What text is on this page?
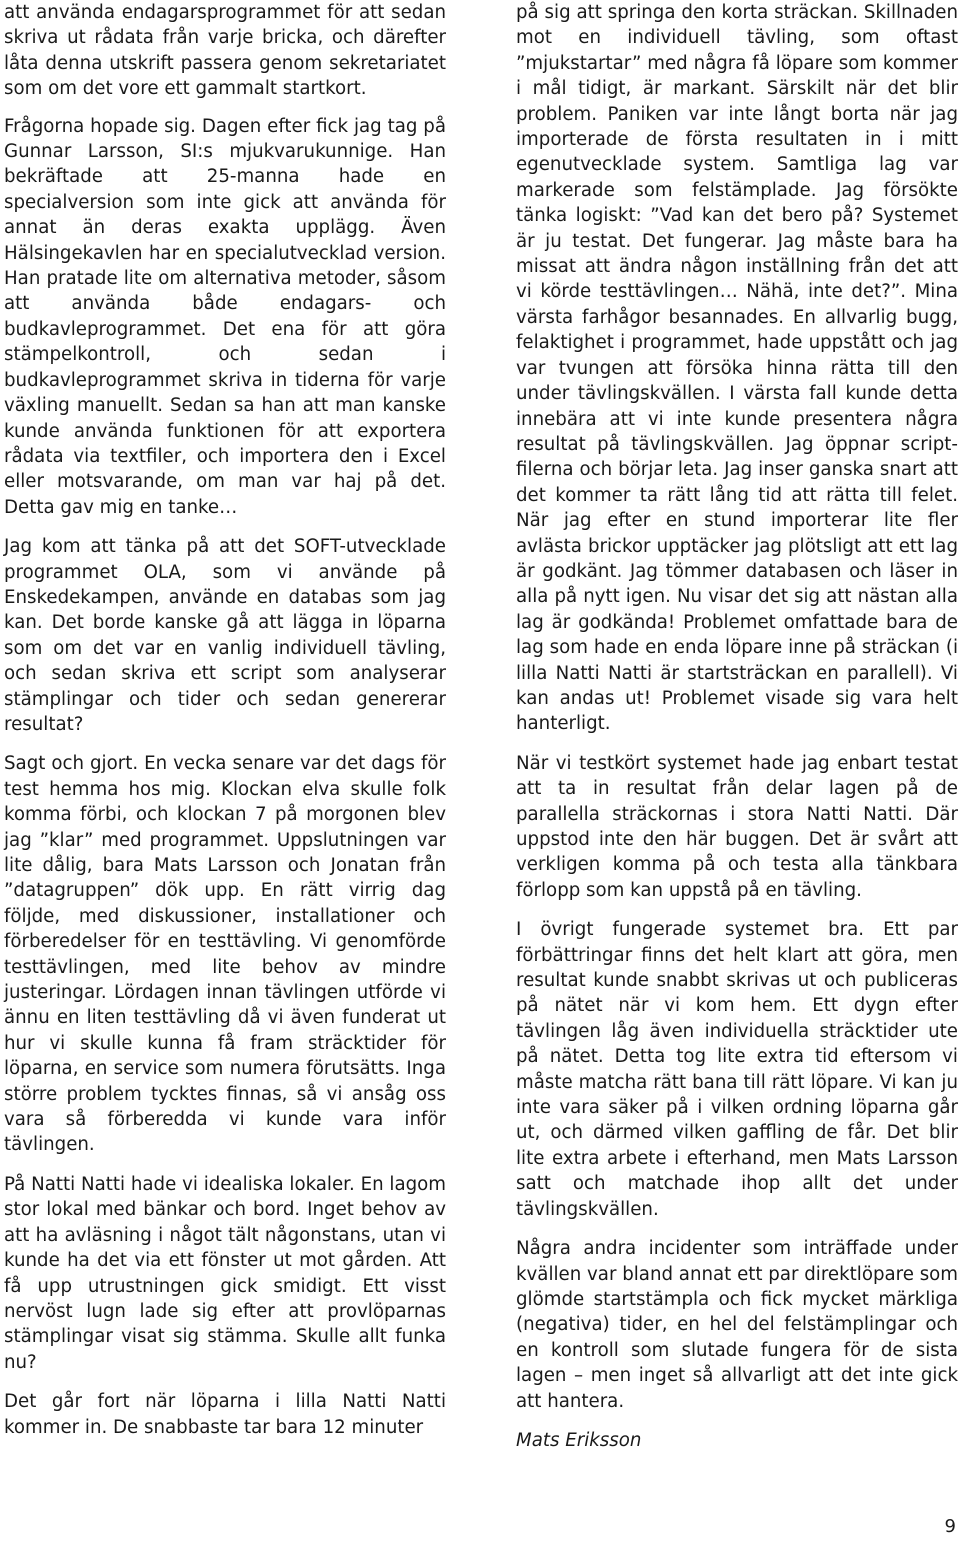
att använda endagarsprogrammet för att sedan skriva ut rådata från varje bricka, och därefter låta denna utskrift passera genom sekretariatet som om det vore ett gammalt startkort.

Frågorna hopade sig. Dagen efter fick jag tag på Gunnar Larsson, SI:s mjukvarukunnige. Han bekräftade att 25-manna hade en specialversion som inte gick att använda för annat än deras exakta upplägg. Även Hälsingekavlen har en specialutvecklad version. Han pratade lite om alternativa metoder, såsom att använda både endagars- och budkavleprogrammet. Det ena för att göra stämpelkontroll, och sedan i budkavleprogrammet skriva in tiderna för varje växling manuellt. Sedan sa han att man kanske kunde använda funktionen för att exportera rådata via textfiler, och importera den i Excel eller motsvarande, om man var haj på det. Detta gav mig en tanke…

Jag kom att tänka på att det SOFT-utvecklade programmet OLA, som vi använde på Enskedekampen, använde en databas som jag kan. Det borde kanske gå att lägga in löparna som om det var en vanlig individuell tävling, och sedan skriva ett script som analyserar stämplingar och tider och sedan genererar resultat?

Sagt och gjort. En vecka senare var det dags för test hemma hos mig. Klockan elva skulle folk komma förbi, och klockan 7 på morgonen blev jag ”klar” med programmet. Uppslutningen var lite dålig, bara Mats Larsson och Jonatan från ”datagruppen” dök upp. En rätt virrig dag följde, med diskussioner, installationer och förberedelser för en testtävling. Vi genomförde testtävlingen, med lite behov av mindre justeringar. Lördagen innan tävlingen utförde vi ännu en liten testtävling då vi även funderat ut hur vi skulle kunna få fram sträcktider för löparna, en service som numera förutsätts. Inga större problem tycktes finnas, så vi ansåg oss vara så förberedda vi kunde vara inför tävlingen.

På Natti Natti hade vi idealiska lokaler. En lagom stor lokal med bänkar och bord. Inget behov av att ha avläsning i något tält någonstans, utan vi kunde ha det via ett fönster ut mot gården. Att få upp utrustningen gick smidigt. Ett visst nervöst lugn lade sig efter att provlöparnas stämplingar visat sig stämma. Skulle allt funka nu?

Det går fort när löparna i lilla Natti Natti kommer in. De snabbaste tar bara 12 minuter

på sig att springa den korta sträckan. Skillnaden mot en individuell tävling, som oftast ”mjukstartar” med några få löpare som kommer i mål tidigt, är markant. Särskilt när det blir problem. Paniken var inte långt borta när jag importerade de första resultaten in i mitt egenutvecklade system. Samtliga lag var markerade som felstämplade. Jag försökte tänka logiskt: ”Vad kan det bero på? Systemet är ju testat. Det fungerar. Jag måste bara ha missat att ändra någon inställning från det att vi körde testtävlingen… Nähä, inte det?”. Mina värsta farhågor besannades. En allvarlig bugg, felaktighet i programmet, hade uppstått och jag var tvungen att försöka hinna rätta till den under tävlingskvällen. I värsta fall kunde detta innebära att vi inte kunde presentera några resultat på tävlingskvällen. Jag öppnar script-filerna och börjar leta. Jag inser ganska snart att det kommer ta rätt lång tid att rätta till felet. När jag efter en stund importerar lite fler avlästa brickor upptäcker jag plötsligt att ett lag är godkänt. Jag tömmer databasen och läser in alla på nytt igen. Nu visar det sig att nästan alla lag är godkända! Problemet omfattade bara de lag som hade en enda löpare inne på sträckan (i lilla Natti Natti är startsträckan en parallell). Vi kan andas ut! Problemet visade sig vara helt hanterligt.

När vi testkört systemet hade jag enbart testat att ta in resultat från delar lagen på de parallella sträckornas i stora Natti Natti. Där uppstod inte den här buggen. Det är svårt att verkligen komma på och testa alla tänkbara förlopp som kan uppstå på en tävling.

I övrigt fungerade systemet bra. Ett par förbättringar finns det helt klart att göra, men resultat kunde snabbt skrivas ut och publiceras på nätet när vi kom hem. Ett dygn efter tävlingen låg även individuella sträcktider ute på nätet. Detta tog lite extra tid eftersom vi måste matcha rätt bana till rätt löpare. Vi kan ju inte vara säker på i vilken ordning löparna går ut, och därmed vilken gaffling de får. Det blir lite extra arbete i efterhand, men Mats Larsson satt och matchade ihop allt det under tävlingskvällen.

Några andra incidenter som inträffade under kvällen var bland annat ett par direktlöpare som glömde startstämpla och fick mycket märkliga (negativa) tider, en hel del felstämplingar och en kontroll som slutade fungera för de sista lagen – men inget så allvarligt att det inte gick att hantera.

Mats Eriksson

9
